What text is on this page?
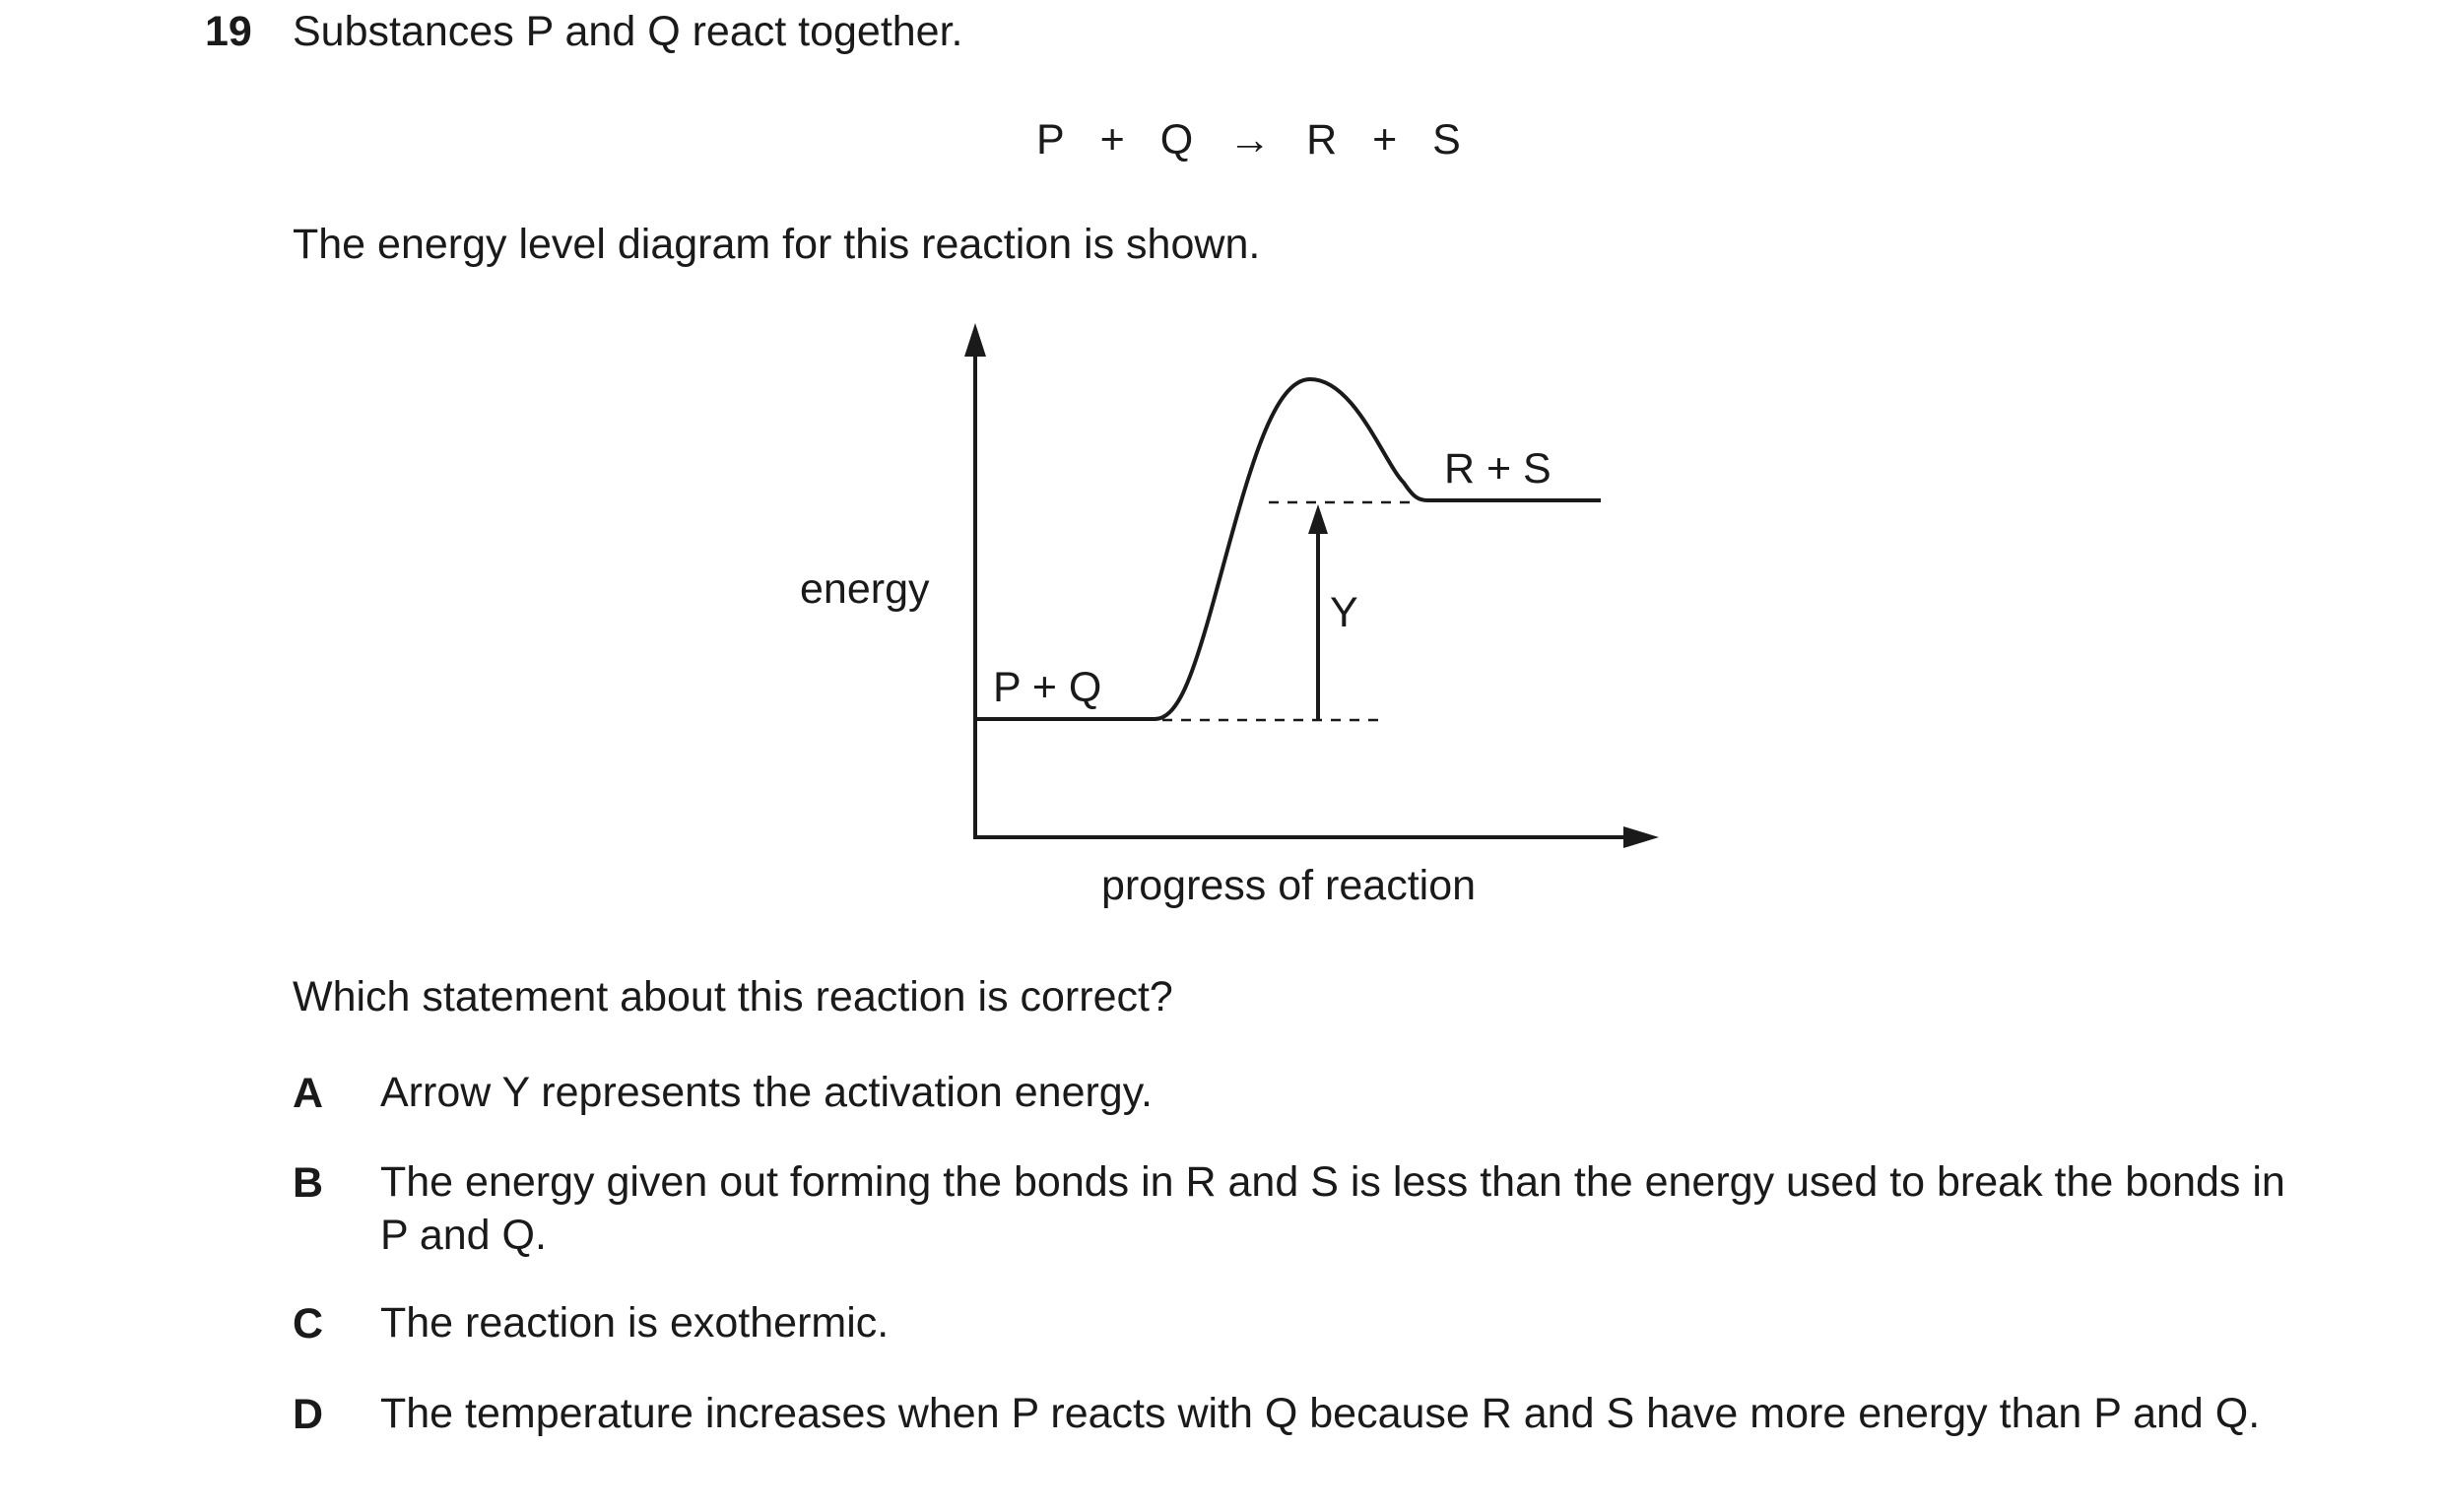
19 Substances P and Q react together.
P + Q → R + S
The energy level diagram for this reaction is shown.
energy
progress of reaction
P + Q
R + S
Y
Which statement about this reaction is correct?
A Arrow Y represents the activation energy.
B The energy given out forming the bonds in R and S is less than the energy used to break the bonds in P and Q.
C The reaction is exothermic.
D The temperature increases when P reacts with Q because R and S have more energy than P and Q.
